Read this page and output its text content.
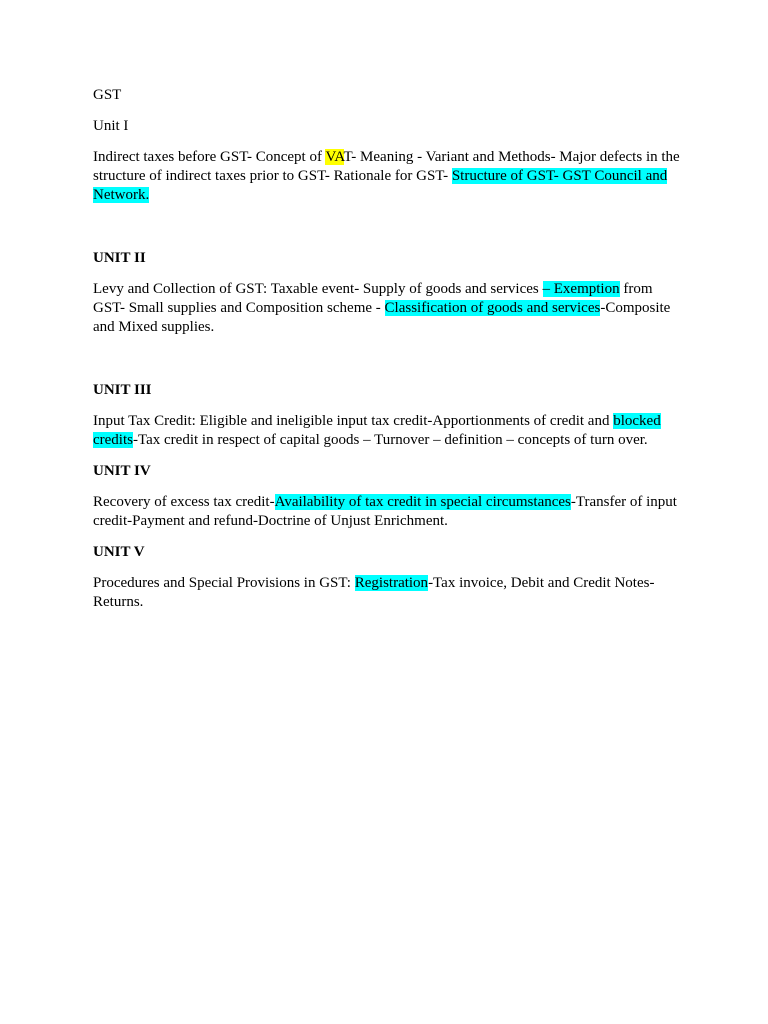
GST

Unit I

Indirect taxes before GST- Concept of VAT- Meaning - Variant and Methods- Major defects in the structure of indirect taxes prior to GST- Rationale for GST- Structure of GST- GST Council and Network.

UNIT II

Levy and Collection of GST: Taxable event- Supply of goods and services – Exemption from GST- Small supplies and Composition scheme - Classification of goods and services-Composite and Mixed supplies.

UNIT III

Input Tax Credit: Eligible and ineligible input tax credit-Apportionments of credit and blocked credits-Tax credit in respect of capital goods – Turnover – definition – concepts of turn over.

UNIT IV

Recovery of excess tax credit-Availability of tax credit in special circumstances-Transfer of input credit-Payment and refund-Doctrine of Unjust Enrichment.

UNIT V

Procedures and Special Provisions in GST: Registration-Tax invoice, Debit and Credit Notes-Returns.
